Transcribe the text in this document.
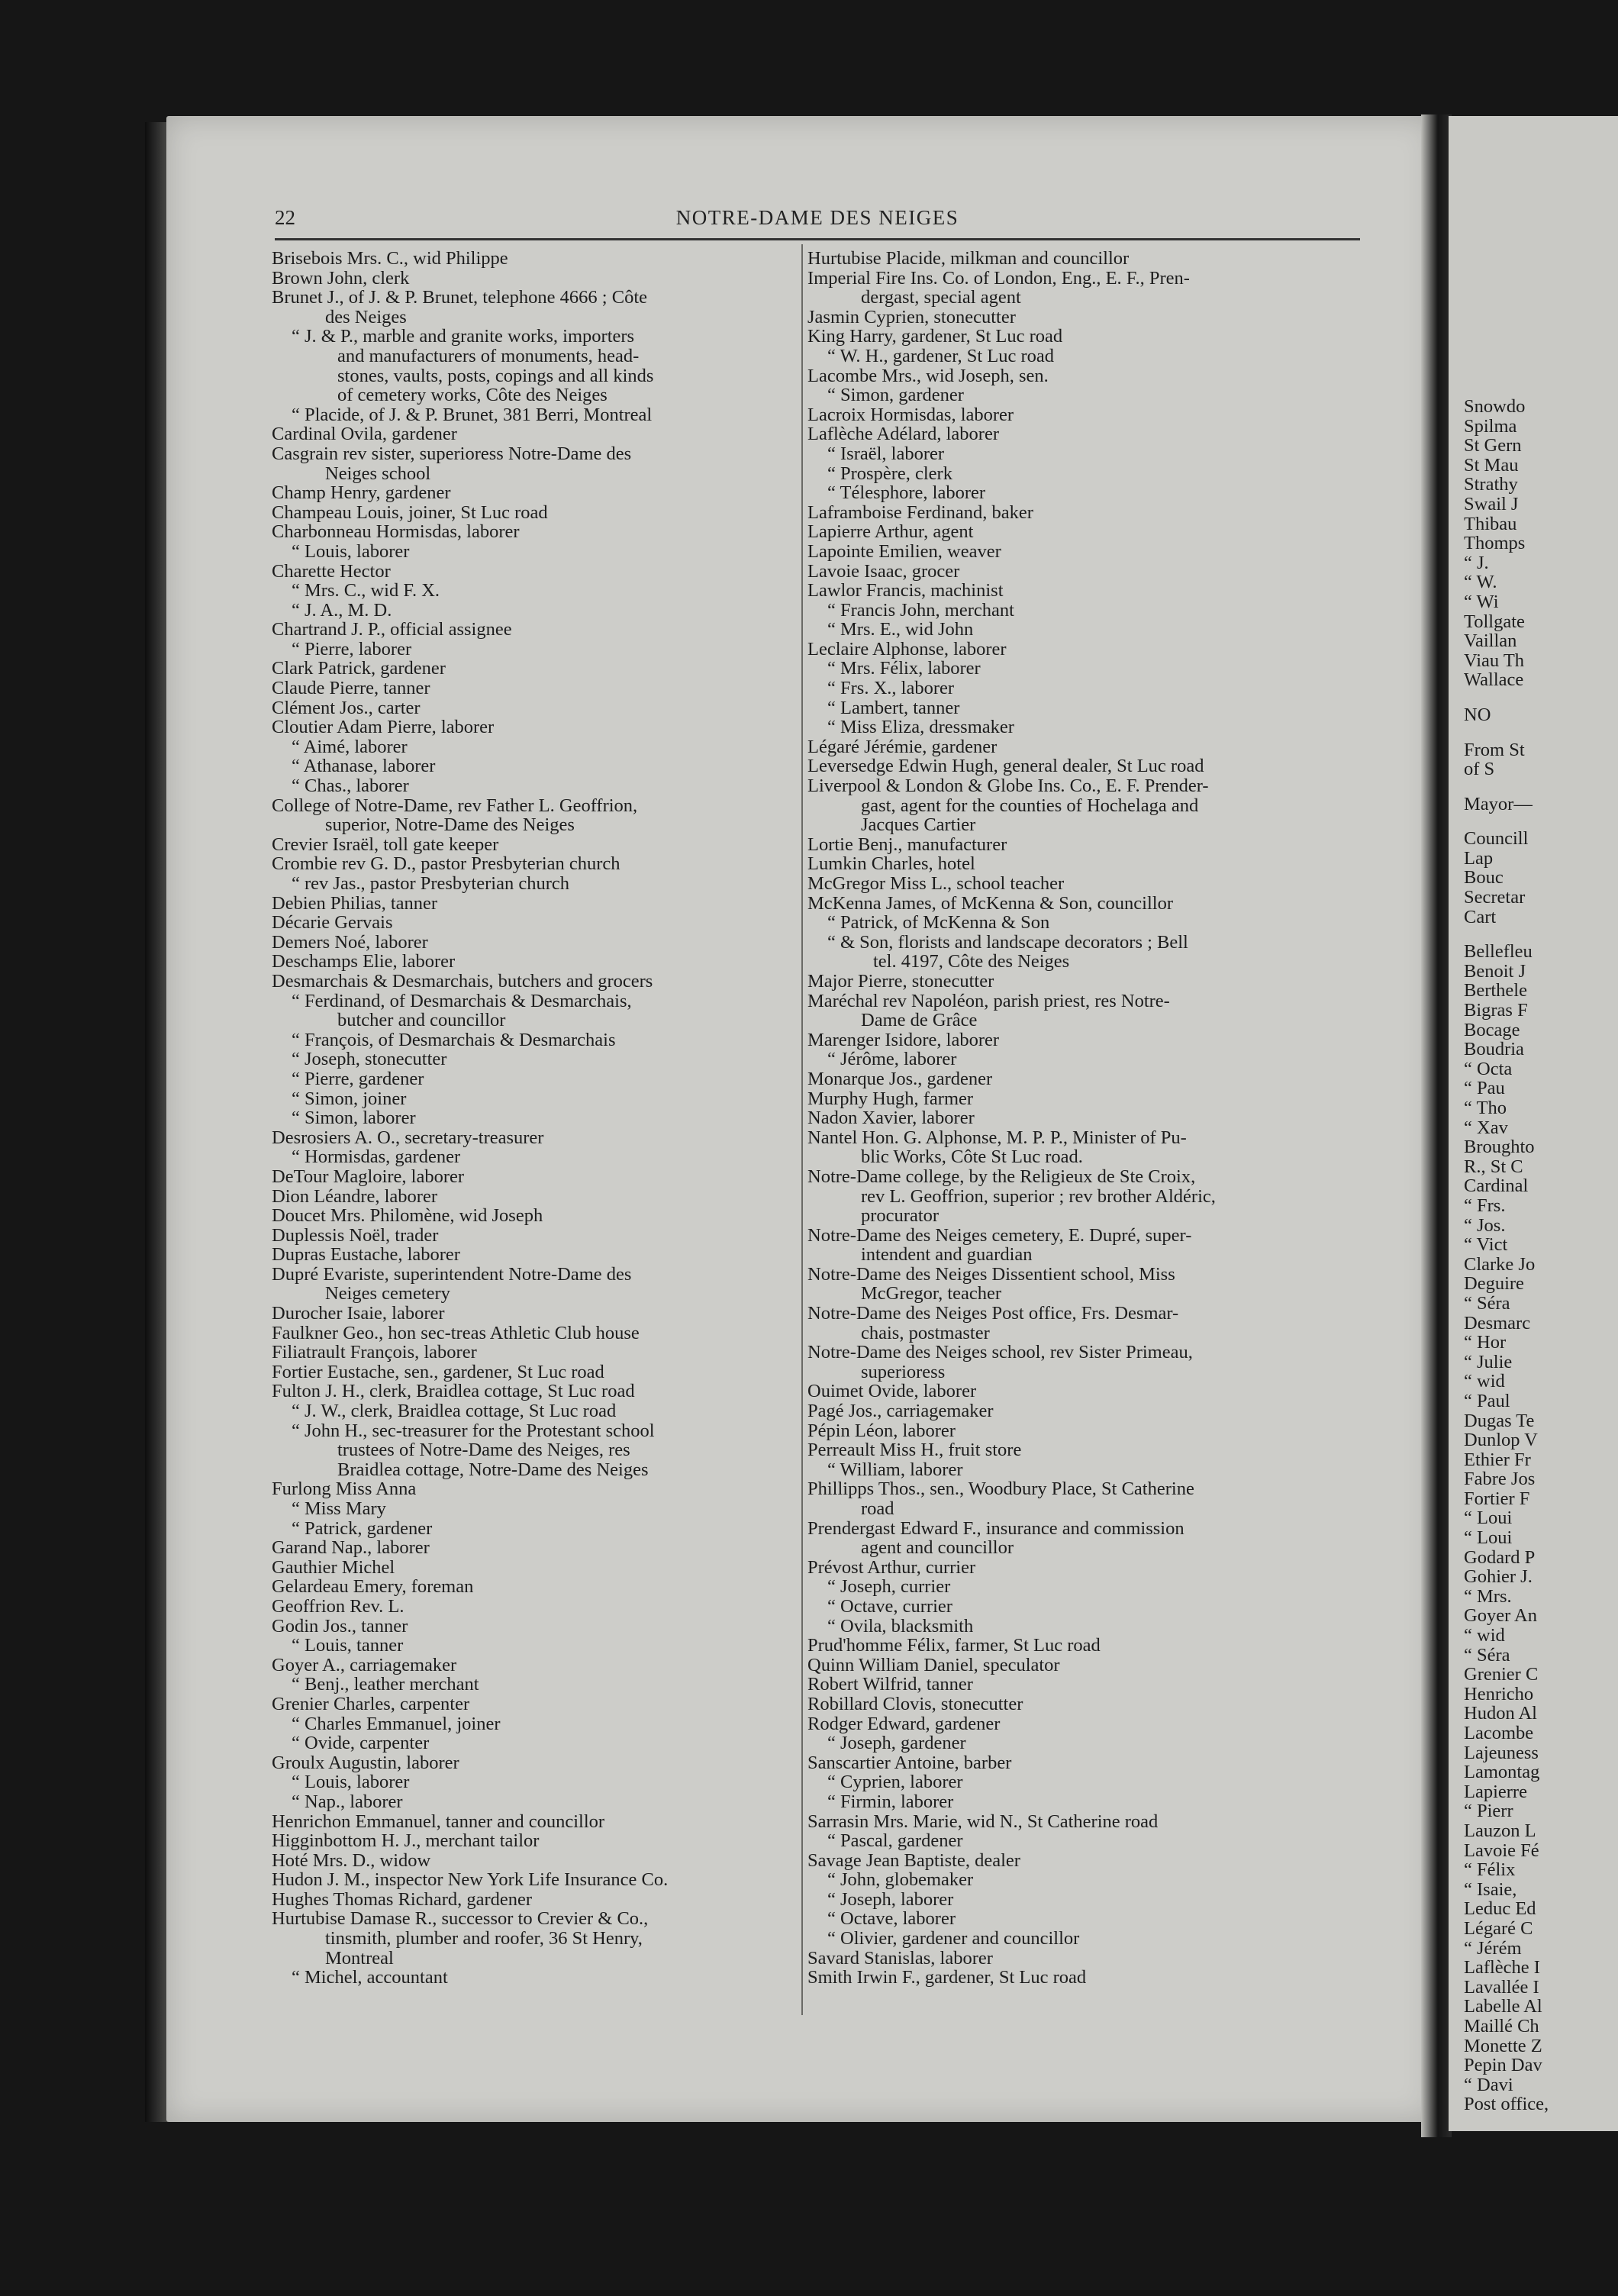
22	NOTRE-DAME DES NEIGES
Brisebois Mrs. C., wid Philippe
Brown John, clerk
Brunet J., of J. & P. Brunet, telephone 4666 ; Côte
des Neiges
“ J. & P., marble and granite works, importers
and manufacturers of monuments, head-
stones, vaults, posts, copings and all kinds
of cemetery works, Côte des Neiges
“ Placide, of J. & P. Brunet, 381 Berri, Montreal
Cardinal Ovila, gardener
Casgrain rev sister, superioress Notre-Dame des
Neiges school
Champ Henry, gardener
Champeau Louis, joiner, St Luc road
Charbonneau Hormisdas, laborer
“ Louis, laborer
Charette Hector
“ Mrs. C., wid F. X.
“ J. A., M. D.
Chartrand J. P., official assignee
“ Pierre, laborer
Clark Patrick, gardener
Claude Pierre, tanner
Clément Jos., carter
Cloutier Adam Pierre, laborer
“ Aimé, laborer
“ Athanase, laborer
“ Chas., laborer
College of Notre-Dame, rev Father L. Geoffrion,
superior, Notre-Dame des Neiges
Crevier Israël, toll gate keeper
Crombie rev G. D., pastor Presbyterian church
“ rev Jas., pastor Presbyterian church
Debien Philias, tanner
Décarie Gervais
Demers Noé, laborer
Deschamps Elie, laborer
Desmarchais & Desmarchais, butchers and grocers
“ Ferdinand, of Desmarchais & Desmarchais,
butcher and councillor
“ François, of Desmarchais & Desmarchais
“ Joseph, stonecutter
“ Pierre, gardener
“ Simon, joiner
“ Simon, laborer
Desrosiers A. O., secretary-treasurer
“ Hormisdas, gardener
DeTour Magloire, laborer
Dion Léandre, laborer
Doucet Mrs. Philomène, wid Joseph
Duplessis Noël, trader
Dupras Eustache, laborer
Dupré Evariste, superintendent Notre-Dame des
Neiges cemetery
Durocher Isaie, laborer
Faulkner Geo., hon sec-treas Athletic Club house
Filiatrault François, laborer
Fortier Eustache, sen., gardener, St Luc road
Fulton J. H., clerk, Braidlea cottage, St Luc road
“ J. W., clerk, Braidlea cottage, St Luc road
“ John H., sec-treasurer for the Protestant school
trustees of Notre-Dame des Neiges, res
Braidlea cottage, Notre-Dame des Neiges
Furlong Miss Anna
“ Miss Mary
“ Patrick, gardener
Garand Nap., laborer
Gauthier Michel
Gelardeau Emery, foreman
Geoffrion Rev. L.
Godin Jos., tanner
“ Louis, tanner
Goyer A., carriagemaker
“ Benj., leather merchant
Grenier Charles, carpenter
“ Charles Emmanuel, joiner
“ Ovide, carpenter
Groulx Augustin, laborer
“ Louis, laborer
“ Nap., laborer
Henrichon Emmanuel, tanner and councillor
Higginbottom H. J., merchant tailor
Hoté Mrs. D., widow
Hudon J. M., inspector New York Life Insurance Co.
Hughes Thomas Richard, gardener
Hurtubise Damase R., successor to Crevier & Co.,
tinsmith, plumber and roofer, 36 St Henry,
Montreal
“ Michel, accountant
Hurtubise Placide, milkman and councillor
Imperial Fire Ins. Co. of London, Eng., E. F., Pren-
dergast, special agent
Jasmin Cyprien, stonecutter
King Harry, gardener, St Luc road
“ W. H., gardener, St Luc road
Lacombe Mrs., wid Joseph, sen.
“ Simon, gardener
Lacroix Hormisdas, laborer
Laflèche Adélard, laborer
“ Israël, laborer
“ Prospère, clerk
“ Télesphore, laborer
Laframboise Ferdinand, baker
Lapierre Arthur, agent
Lapointe Emilien, weaver
Lavoie Isaac, grocer
Lawlor Francis, machinist
“ Francis John, merchant
“ Mrs. E., wid John
Leclaire Alphonse, laborer
“ Mrs. Félix, laborer
“ Frs. X., laborer
“ Lambert, tanner
“ Miss Eliza, dressmaker
Légaré Jérémie, gardener
Leversedge Edwin Hugh, general dealer, St Luc road
Liverpool & London & Globe Ins. Co., E. F. Prender-
gast, agent for the counties of Hochelaga and
Jacques Cartier
Lortie Benj., manufacturer
Lumkin Charles, hotel
McGregor Miss L., school teacher
McKenna James, of McKenna & Son, councillor
“ Patrick, of McKenna & Son
“ & Son, florists and landscape decorators ; Bell
tel. 4197, Côte des Neiges
Major Pierre, stonecutter
Maréchal rev Napoléon, parish priest, res Notre-
Dame de Grâce
Marenger Isidore, laborer
“ Jérôme, laborer
Monarque Jos., gardener
Murphy Hugh, farmer
Nadon Xavier, laborer
Nantel Hon. G. Alphonse, M. P. P., Minister of Pu-
blic Works, Côte St Luc road.
Notre-Dame college, by the Religieux de Ste Croix,
rev L. Geoffrion, superior ; rev brother Aldéric,
procurator
Notre-Dame des Neiges cemetery, E. Dupré, super-
intendent and guardian
Notre-Dame des Neiges Dissentient school, Miss
McGregor, teacher
Notre-Dame des Neiges Post office, Frs. Desmar-
chais, postmaster
Notre-Dame des Neiges school, rev Sister Primeau,
superioress
Ouimet Ovide, laborer
Pagé Jos., carriagemaker
Pépin Léon, laborer
Perreault Miss H., fruit store
“ William, laborer
Phillipps Thos., sen., Woodbury Place, St Catherine
road
Prendergast Edward F., insurance and commission
agent and councillor
Prévost Arthur, currier
“ Joseph, currier
“ Octave, currier
“ Ovila, blacksmith
Prud'homme Félix, farmer, St Luc road
Quinn William Daniel, speculator
Robert Wilfrid, tanner
Robillard Clovis, stonecutter
Rodger Edward, gardener
“ Joseph, gardener
Sanscartier Antoine, barber
“ Cyprien, laborer
“ Firmin, laborer
Sarrasin Mrs. Marie, wid N., St Catherine road
“ Pascal, gardener
Savage Jean Baptiste, dealer
“ John, globemaker
“ Joseph, laborer
“ Octave, laborer
“ Olivier, gardener and councillor
Savard Stanislas, laborer
Smith Irwin F., gardener, St Luc road
Snowdo
Spilma
St Gern
St Mau
Strathy
Swail J
Thibau
Thomps
“ J.
“ W.
“ Wi
Tollgate
Vaillan
Viau Th
Wallace
NO
From St
of S
Mayor—
Councill
Lap
Bouc
Secretar
Cart
Bellefleu
Benoit J
Berthele
Bigras F
Bocage
Boudria
“ Octa
“ Pau
“ Tho
“ Xav
Broughto
R., St C
Cardinal
“ Frs.
“ Jos.
“ Vict
Clarke Jo
Deguire
“ Séra
Desmarc
“ Hor
“ Julie
“ wid
“ Paul
Dugas Te
Dunlop V
Ethier Fr
Fabre Jos
Fortier F
“ Loui
“ Loui
Godard P
Gohier J.
“ Mrs.
Goyer An
“ wid
“ Séra
Grenier C
Henricho
Hudon Al
Lacombe
Lajeuness
Lamontag
Lapierre
“ Pierr
Lauzon L
Lavoie Fé
“ Félix
“ Isaie,
Leduc Ed
Légaré C
“ Jérém
Laflèche I
Lavallée I
Labelle Al
Maillé Ch
Monette Z
Pepin Dav
“ Davi
Post office,
